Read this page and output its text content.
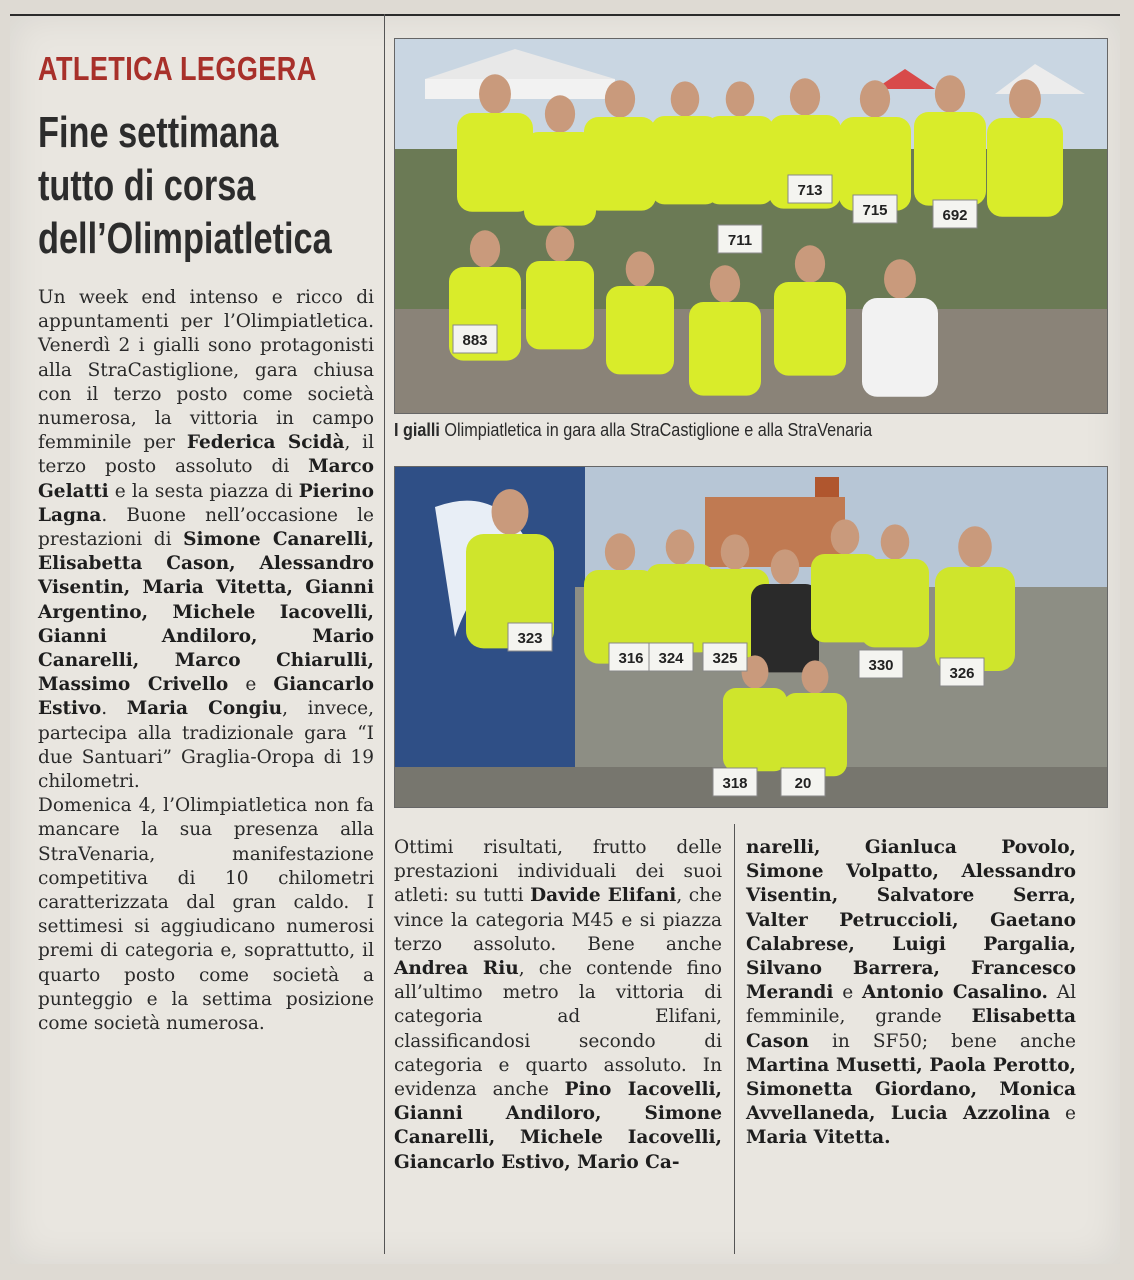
ATLETICA LEGGERA
Fine settimana
tutto di corsa
dell’Olimpiatletica

Un week end intenso e ricco di appuntamenti per l’Olimpiatletica. Venerdì 2 i gialli sono protagonisti alla StraCastiglione, gara chiusa con il terzo posto come società numerosa, la vittoria in campo femminile per Federica Scidà, il terzo posto assoluto di Marco Gelatti e la sesta piazza di Pierino Lagna. Buone nell’occasione le prestazioni di Simone Canarelli, Elisabetta Cason, Alessandro Visentin, Maria Vitetta, Gianni Argentino, Michele Iacovelli, Gianni Andiloro, Mario Canarelli, Marco Chiarulli, Massimo Crivello e Giancarlo Estivo. Maria Congiu, invece, partecipa alla tradizionale gara “I due Santuari” Graglia-Oropa di 19 chilometri.

Domenica 4, l’Olimpiatletica non fa mancare la sua presenza alla StraVenaria, manifestazione competitiva di 10 chilometri caratterizzata dal gran caldo. I settimesi si aggiudicano numerosi premi di categoria e, soprattutto, il quarto posto come società a punteggio e la settima posizione come società numerosa.

883
713
715	692
711
I gialli Olimpiatletica in gara alla StraCastiglione e alla StraVenaria
323
316 324 325	330	326
318	20

Ottimi risultati, frutto delle prestazioni individuali dei suoi atleti: su tutti Davide Elifani, che vince la categoria M45 e si piazza terzo assoluto. Bene anche Andrea Riu, che contende fino all’ultimo metro la vittoria di categoria ad Elifani, classificandosi secondo di categoria e quarto assoluto. In evidenza anche Pino Iacovelli, Gianni Andiloro, Simone Canarelli, Michele Iacovelli, Giancarlo Estivo, Mario Ca-

narelli, Gianluca Povolo, Simone Volpatto, Alessandro Visentin, Salvatore Serra, Valter Petruccioli, Gaetano Calabrese, Luigi Pargalia, Silvano Barrera, Francesco Merandi e Antonio Casalino. Al femminile, grande Elisabetta Cason in SF50; bene anche Martina Musetti, Paola Perotto, Simonetta Giordano, Monica Avvellaneda, Lucia Azzolina e Maria Vitetta.
